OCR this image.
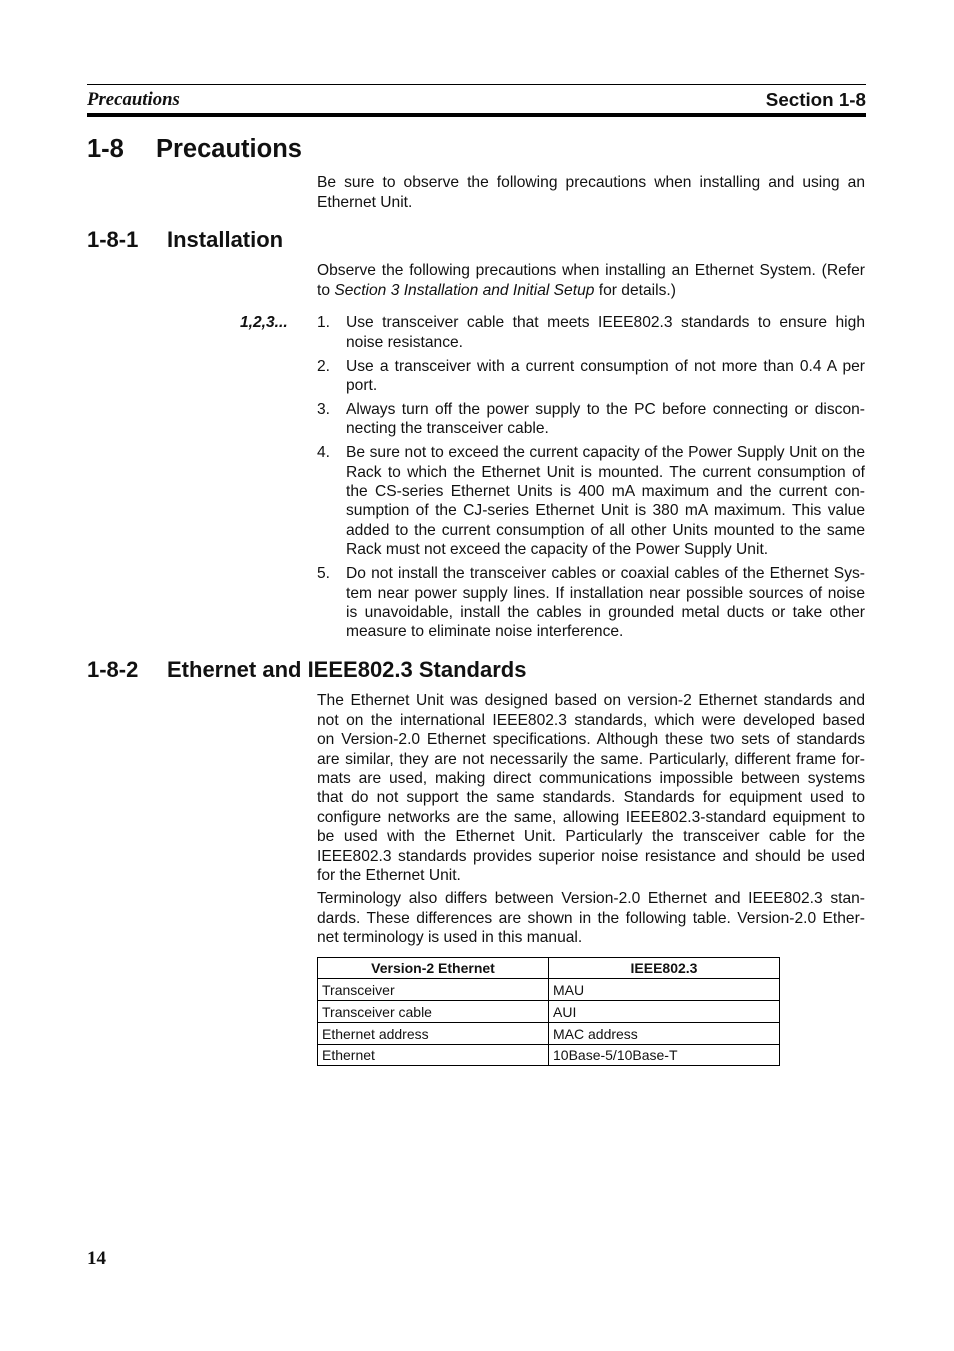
Precautions	Section 1-8
1-8 Precautions
Be sure to observe the following precautions when installing and using an
Ethernet Unit.
1-8-1 Installation
Observe the following precautions when installing an Ethernet System. (Refer
to Section 3 Installation and Initial Setup for details.)
1,2,3... 1.	Use transceiver cable that meets IEEE802.3 standards to ensure high
noise resistance.
2.	Use a transceiver with a current consumption of not more than 0.4 A per
port.
3.	Always turn off the power supply to the PC before connecting or discon-
necting the transceiver cable.
4.	Be sure not to exceed the current capacity of the Power Supply Unit on the
Rack to which the Ethernet Unit is mounted. The current consumption of
the CS-series Ethernet Units is 400 mA maximum and the current con-
sumption of the CJ-series Ethernet Unit is 380 mA maximum. This value
added to the current consumption of all other Units mounted to the same
Rack must not exceed the capacity of the Power Supply Unit.
5.	Do not install the transceiver cables or coaxial cables of the Ethernet Sys-
tem near power supply lines. If installation near possible sources of noise
is unavoidable, install the cables in grounded metal ducts or take other
measure to eliminate noise interference.
1-8-2 Ethernet and IEEE802.3 Standards
The Ethernet Unit was designed based on version-2 Ethernet standards and
not on the international IEEE802.3 standards, which were developed based
on Version-2.0 Ethernet specifications. Although these two sets of standards
are similar, they are not necessarily the same. Particularly, different frame for-
mats are used, making direct communications impossible between systems
that do not support the same standards. Standards for equipment used to
configure networks are the same, allowing IEEE802.3-standard equipment to
be used with the Ethernet Unit. Particularly the transceiver cable for the
IEEE802.3 standards provides superior noise resistance and should be used
for the Ethernet Unit.
Terminology also differs between Version-2.0 Ethernet and IEEE802.3 stan-
dards. These differences are shown in the following table. Version-2.0 Ether-
net terminology is used in this manual.
Version-2 Ethernet	IEEE802.3
Transceiver	MAU
Transceiver cable	AUI
Ethernet address	MAC address
Ethernet	10Base-5/10Base-T
14
